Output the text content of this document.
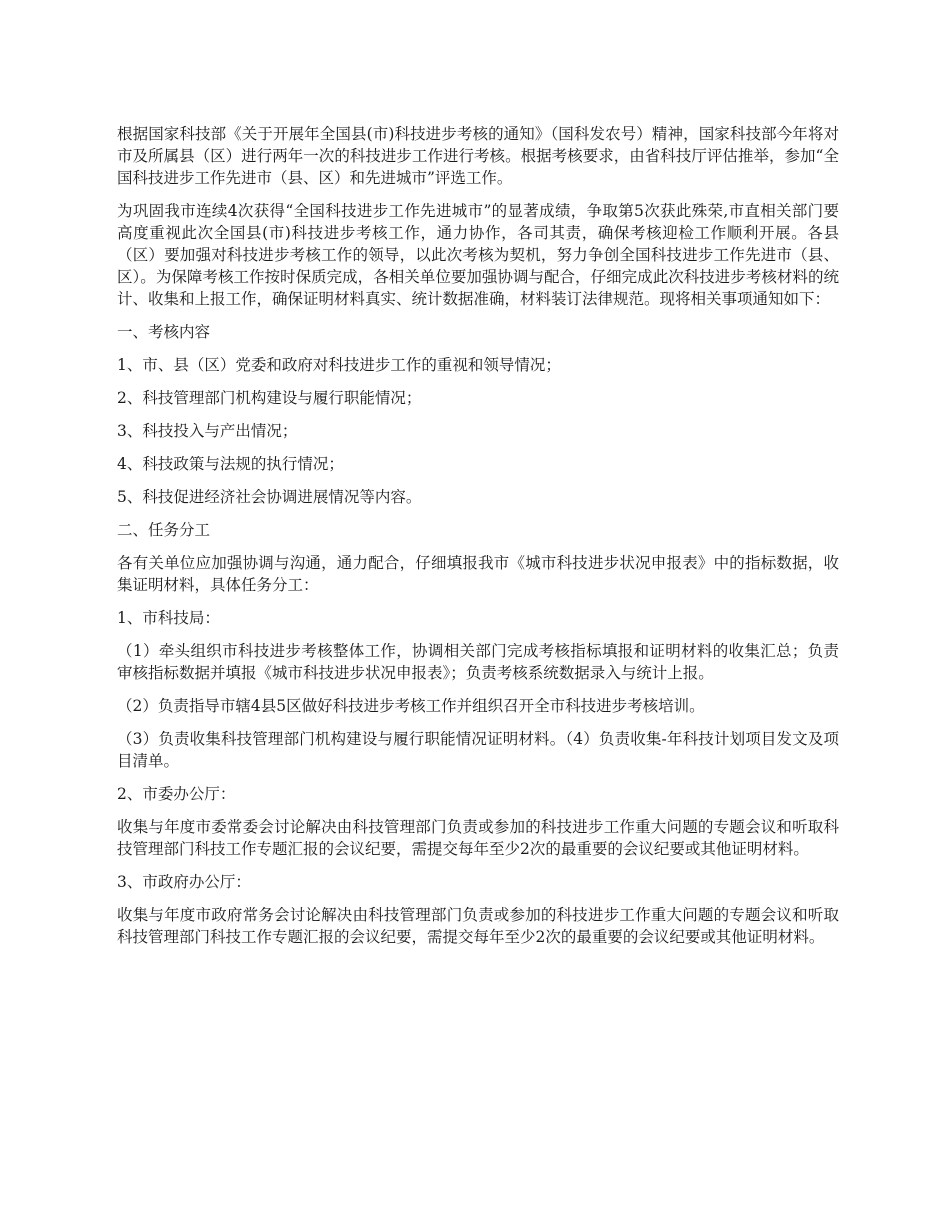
根据国家科技部《关于开展年全国县(市)科技进步考核的通知》（国科发农号）精神，国家科技部今年将对市及所属县（区）进行两年一次的科技进步工作进行考核。根据考核要求，由省科技厅评估推举，参加“全国科技进步工作先进市（县、区）和先进城市”评选工作。

为巩固我市连续4次获得“全国科技进步工作先进城市”的显著成绩，争取第5次获此殊荣,市直相关部门要高度重视此次全国县(市)科技进步考核工作，通力协作，各司其责，确保考核迎检工作顺利开展。各县（区）要加强对科技进步考核工作的领导，以此次考核为契机，努力争创全国科技进步工作先进市（县、区）。为保障考核工作按时保质完成，各相关单位要加强协调与配合，仔细完成此次科技进步考核材料的统计、收集和上报工作，确保证明材料真实、统计数据准确，材料装订法律规范。现将相关事项通知如下：

一、考核内容

1、市、县（区）党委和政府对科技进步工作的重视和领导情况；

2、科技管理部门机构建设与履行职能情况；

3、科技投入与产出情况；

4、科技政策与法规的执行情况；

5、科技促进经济社会协调进展情况等内容。

二、任务分工

各有关单位应加强协调与沟通，通力配合，仔细填报我市《城市科技进步状况申报表》中的指标数据，收集证明材料，具体任务分工：

1、市科技局：

（1）牵头组织市科技进步考核整体工作，协调相关部门完成考核指标填报和证明材料的收集汇总；负责审核指标数据并填报《城市科技进步状况申报表》；负责考核系统数据录入与统计上报。

（2）负责指导市辖4县5区做好科技进步考核工作并组织召开全市科技进步考核培训。

（3）负责收集科技管理部门机构建设与履行职能情况证明材料。（4）负责收集-年科技计划项目发文及项目清单。

2、市委办公厅：

收集与年度市委常委会讨论解决由科技管理部门负责或参加的科技进步工作重大问题的专题会议和听取科技管理部门科技工作专题汇报的会议纪要，需提交每年至少2次的最重要的会议纪要或其他证明材料。

3、市政府办公厅：

收集与年度市政府常务会讨论解决由科技管理部门负责或参加的科技进步工作重大问题的专题会议和听取科技管理部门科技工作专题汇报的会议纪要，需提交每年至少2次的最重要的会议纪要或其他证明材料。
